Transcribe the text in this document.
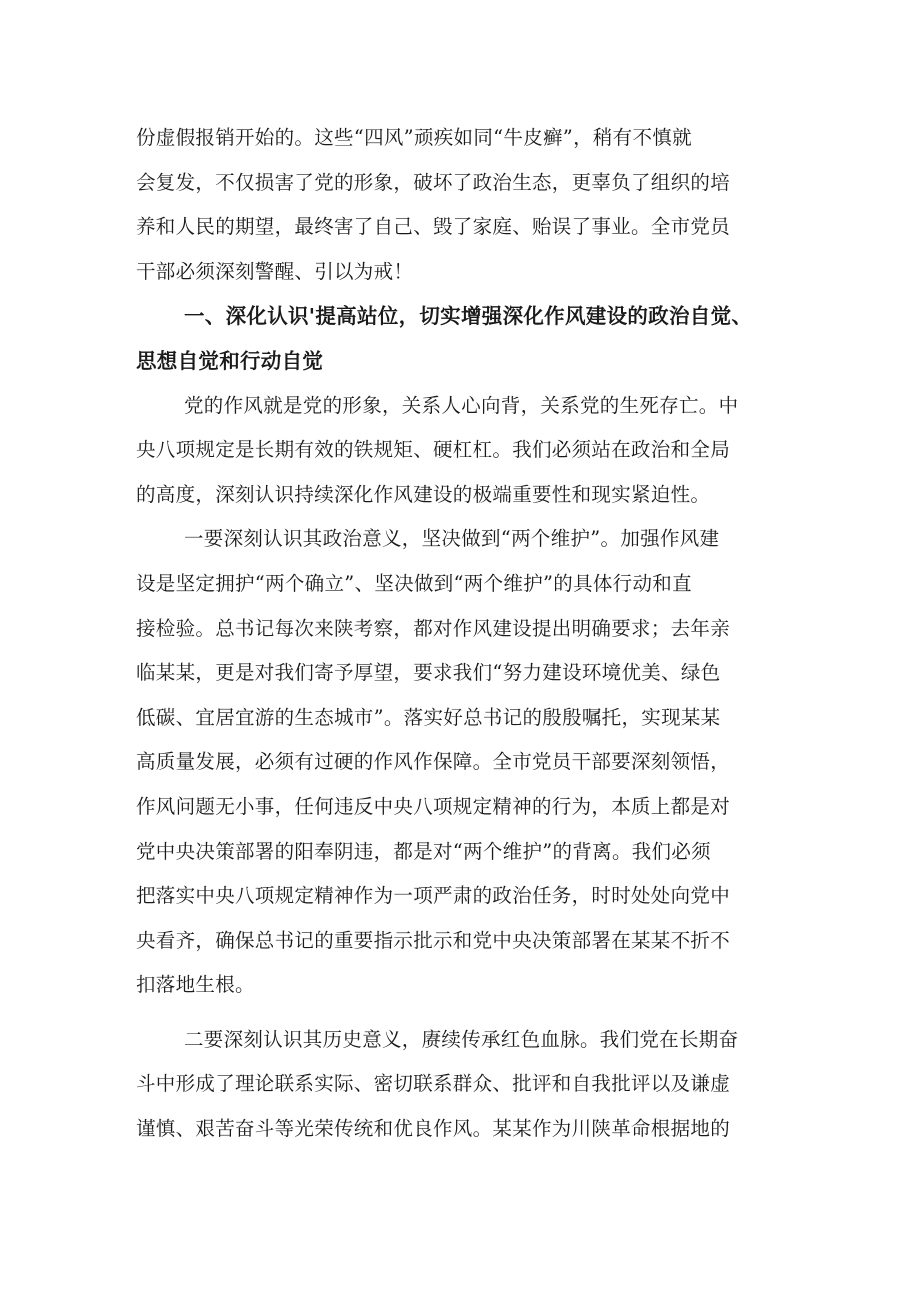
份虚假报销开始的。这些“四风”顽疾如同“牛皮癣”，稍有不慎就
会复发，不仅损害了党的形象，破坏了政治生态，更辜负了组织的培
养和人民的期望，最终害了自己、毁了家庭、贻误了事业。全市党员
干部必须深刻警醒、引以为戒！
一、深化认识'提高站位，切实增强深化作风建设的政治自觉、
思想自觉和行动自觉
党的作风就是党的形象，关系人心向背，关系党的生死存亡。中
央八项规定是长期有效的铁规矩、硬杠杠。我们必须站在政治和全局
的高度，深刻认识持续深化作风建设的极端重要性和现实紧迫性。
一要深刻认识其政治意义，坚决做到“两个维护”。加强作风建
设是坚定拥护“两个确立”、坚决做到“两个维护”的具体行动和直
接检验。总书记每次来陕考察，都对作风建设提出明确要求；去年亲
临某某，更是对我们寄予厚望，要求我们“努力建设环境优美、绿色
低碳、宜居宜游的生态城市”。落实好总书记的殷殷嘱托，实现某某
高质量发展，必须有过硬的作风作保障。全市党员干部要深刻领悟，
作风问题无小事，任何违反中央八项规定精神的行为，本质上都是对
党中央决策部署的阳奉阴违，都是对“两个维护”的背离。我们必须
把落实中央八项规定精神作为一项严肃的政治任务，时时处处向党中
央看齐，确保总书记的重要指示批示和党中央决策部署在某某不折不
扣落地生根。
二要深刻认识其历史意义，赓续传承红色血脉。我们党在长期奋
斗中形成了理论联系实际、密切联系群众、批评和自我批评以及谦虚
谨慎、艰苦奋斗等光荣传统和优良作风。某某作为川陕革命根据地的
